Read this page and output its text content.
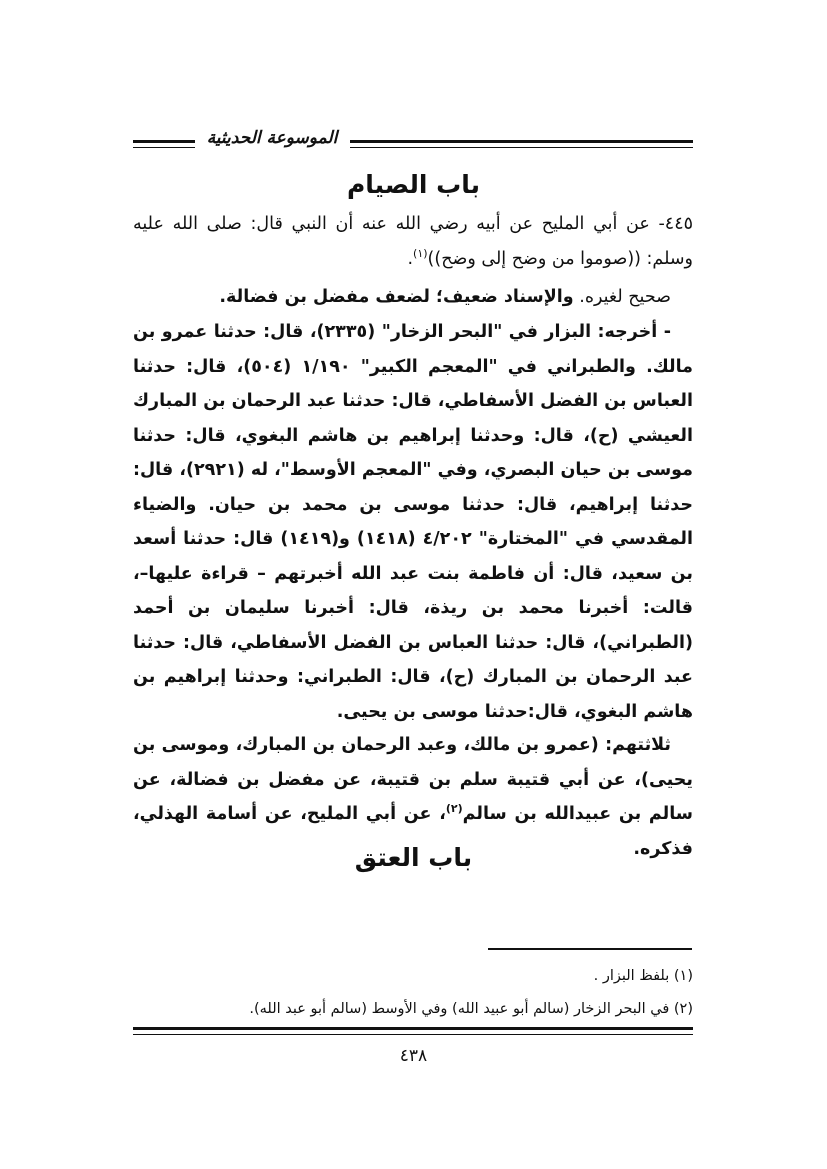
الموسوعة الحديثية
باب الصيام
٤٤٥- عن أبي المليح عن أبيه رضي الله عنه أن النبي قال: صلى الله عليه وسلم: ((صوموا من وضح إلى وضح))$^{(١)}$.
صحيح لغيره. والإسناد ضعيف؛ لضعف مفضل بن فضالة.
- أخرجه: البزار في "البحر الزخار" (٢٣٣٥)، قال: حدثنا عمرو بن مالك. والطبراني في "المعجم الكبير" ١/١٩٠ (٥٠٤)، قال: حدثنا العباس بن الفضل الأسفاطي، قال: حدثنا عبد الرحمان بن المبارك العيشي (ح)، قال: وحدثنا إبراهيم بن هاشم البغوي، قال: حدثنا موسى بن حيان البصري، وفي "المعجم الأوسط"، له (٢٩٢١)، قال: حدثنا إبراهيم، قال: حدثنا موسى بن محمد بن حيان. والضياء المقدسي في "المختارة" ٤/٢٠٢ (١٤١٨) و(١٤١٩) قال: حدثنا أسعد بن سعيد، قال: أن فاطمة بنت عبد الله أخبرتهم – قراءة عليها–، قالت: أخبرنا محمد بن ريذة، قال: أخبرنا سليمان بن أحمد (الطبراني)، قال: حدثنا العباس بن الفضل الأسفاطي، قال: حدثنا عبد الرحمان بن المبارك (ح)، قال: الطبراني: وحدثنا إبراهيم بن هاشم البغوي، قال:حدثنا موسى بن يحيى.
ثلاثتهم: (عمرو بن مالك، وعبد الرحمان بن المبارك، وموسى بن يحيى)، عن أبي قتيبة سلم بن قتيبة، عن مفضل بن فضالة، عن سالم بن عبيدالله بن سالم$^{(٢)}$، عن أبي المليح، عن أسامة الهذلي، فذكره.
باب العتق
(١) بلفظ البزار .
(٢) في البحر الزخار (سالم أبو عبيد الله) وفي الأوسط (سالم أبو عبد الله).
٤٣٨
